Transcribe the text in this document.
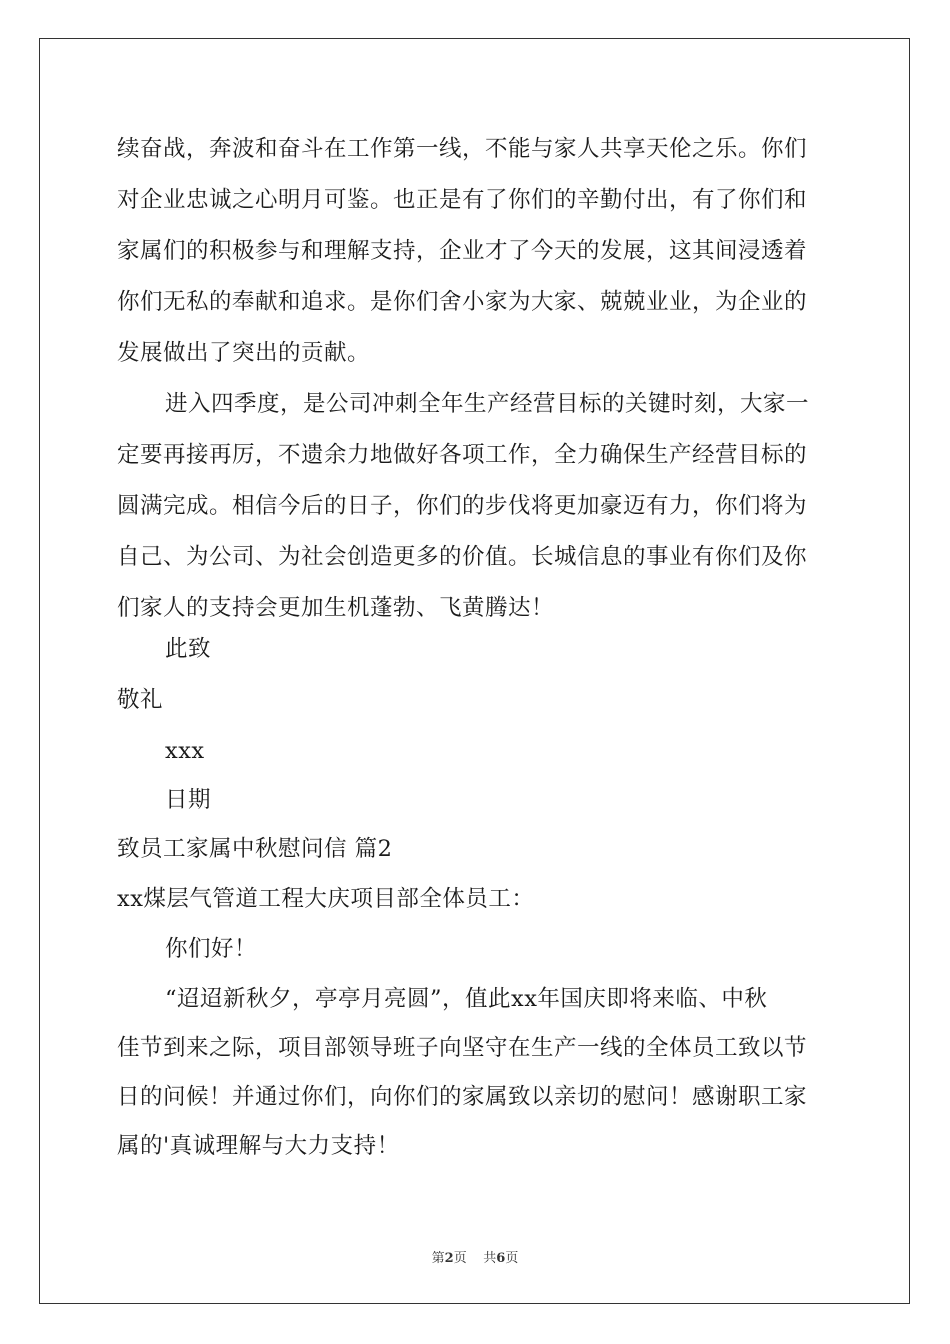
续奋战，奔波和奋斗在工作第一线，不能与家人共享天伦之乐。你们
对企业忠诚之心明月可鉴。也正是有了你们的辛勤付出，有了你们和
家属们的积极参与和理解支持，企业才了今天的发展，这其间浸透着
你们无私的奉献和追求。是你们舍小家为大家、兢兢业业，为企业的
发展做出了突出的贡献。
进入四季度，是公司冲刺全年生产经营目标的关键时刻，大家一
定要再接再厉，不遗余力地做好各项工作，全力确保生产经营目标的
圆满完成。相信今后的日子，你们的步伐将更加豪迈有力，你们将为
自己、为公司、为社会创造更多的价值。长城信息的事业有你们及你
们家人的支持会更加生机蓬勃、飞黄腾达！
此致
敬礼
xxx
日期
致员工家属中秋慰问信 篇2
xx煤层气管道工程大庆项目部全体员工：
你们好！
“迢迢新秋夕，亭亭月亮圆”，值此xx年国庆即将来临、中秋
佳节到来之际，项目部领导班子向坚守在生产一线的全体员工致以节
日的问候！并通过你们，向你们的家属致以亲切的慰问！感谢职工家
属的'真诚理解与大力支持！
第2页 共6页
